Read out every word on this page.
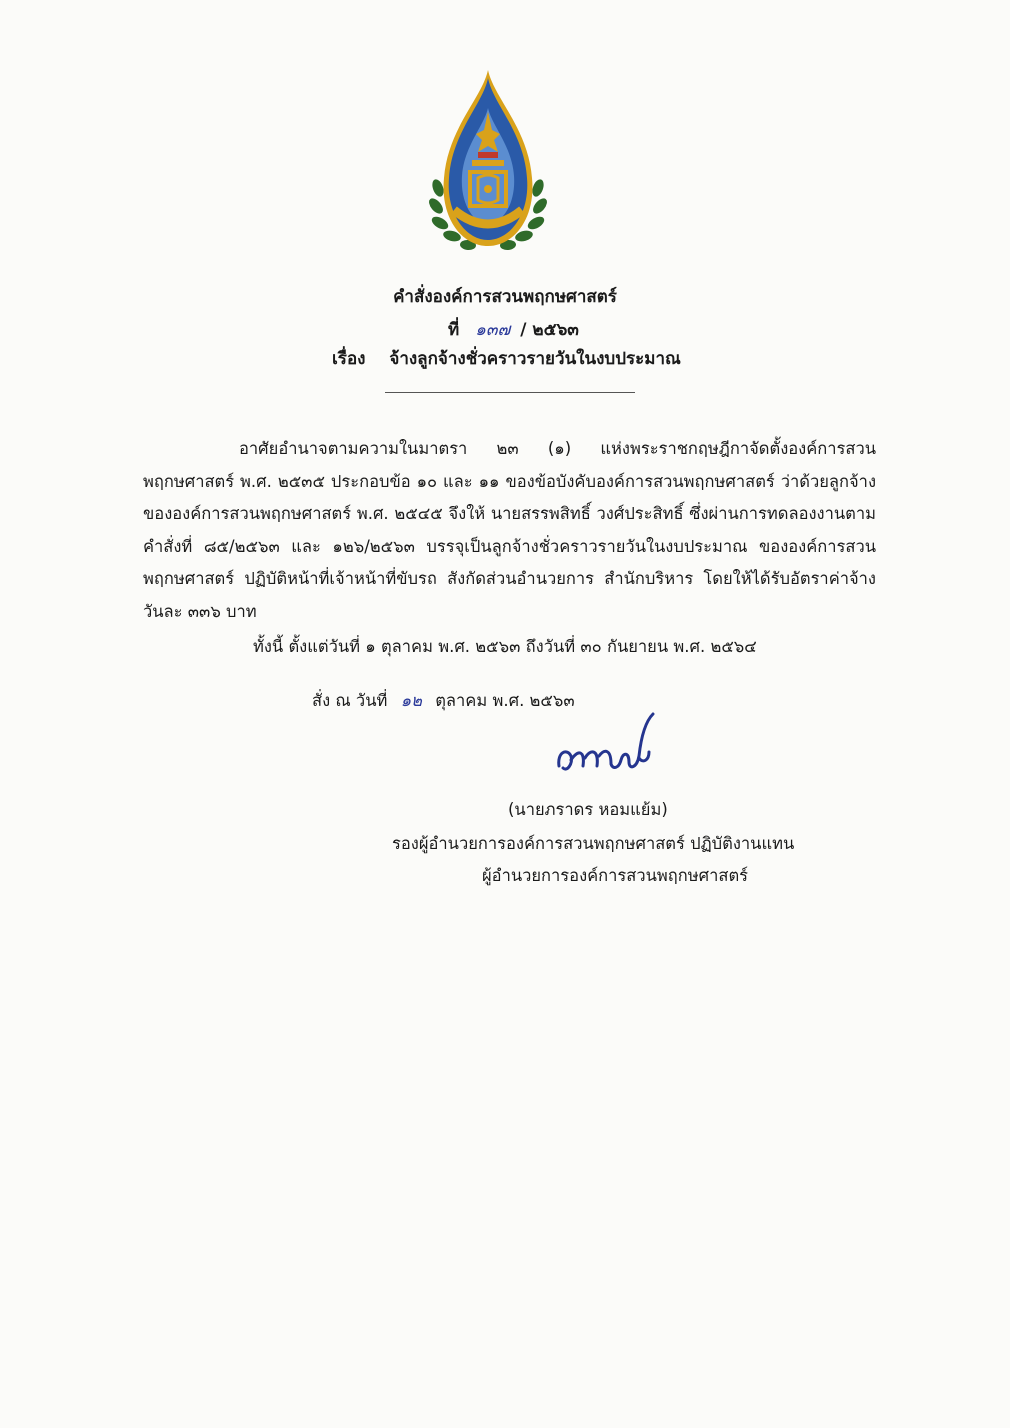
คำสั่งองค์การสวนพฤกษศาสตร์
ที่ ๑๓๗ / ๒๕๖๓
เรื่อง จ้างลูกจ้างชั่วคราวรายวันในงบประมาณ

อาศัยอำนาจตามความในมาตรา ๒๓ (๑) แห่งพระราชกฤษฎีกาจัดตั้งองค์การสวนพฤกษศาสตร์ พ.ศ. ๒๕๓๕ ประกอบข้อ ๑๐ และ ๑๑ ของข้อบังคับองค์การสวนพฤกษศาสตร์ ว่าด้วยลูกจ้างขององค์การสวนพฤกษศาสตร์ พ.ศ. ๒๕๔๕ จึงให้ นายสรรพสิทธิ์ วงศ์ประสิทธิ์ ซึ่งผ่านการทดลองงานตามคำสั่งที่ ๘๕/๒๕๖๓ และ ๑๒๖/๒๕๖๓ บรรจุเป็นลูกจ้างชั่วคราวรายวันในงบประมาณ ขององค์การสวนพฤกษศาสตร์ ปฏิบัติหน้าที่เจ้าหน้าที่ขับรถ สังกัดส่วนอำนวยการ สำนักบริหาร โดยให้ได้รับอัตราค่าจ้างวันละ ๓๓๖ บาท

ทั้งนี้ ตั้งแต่วันที่ ๑ ตุลาคม พ.ศ. ๒๕๖๓ ถึงวันที่ ๓๐ กันยายน พ.ศ. ๒๕๖๔
สั่ง ณ วันที่ ๑๒ ตุลาคม พ.ศ. ๒๕๖๓
(นายภราดร หอมแย้ม)
รองผู้อำนวยการองค์การสวนพฤกษศาสตร์ ปฏิบัติงานแทน
ผู้อำนวยการองค์การสวนพฤกษศาสตร์
